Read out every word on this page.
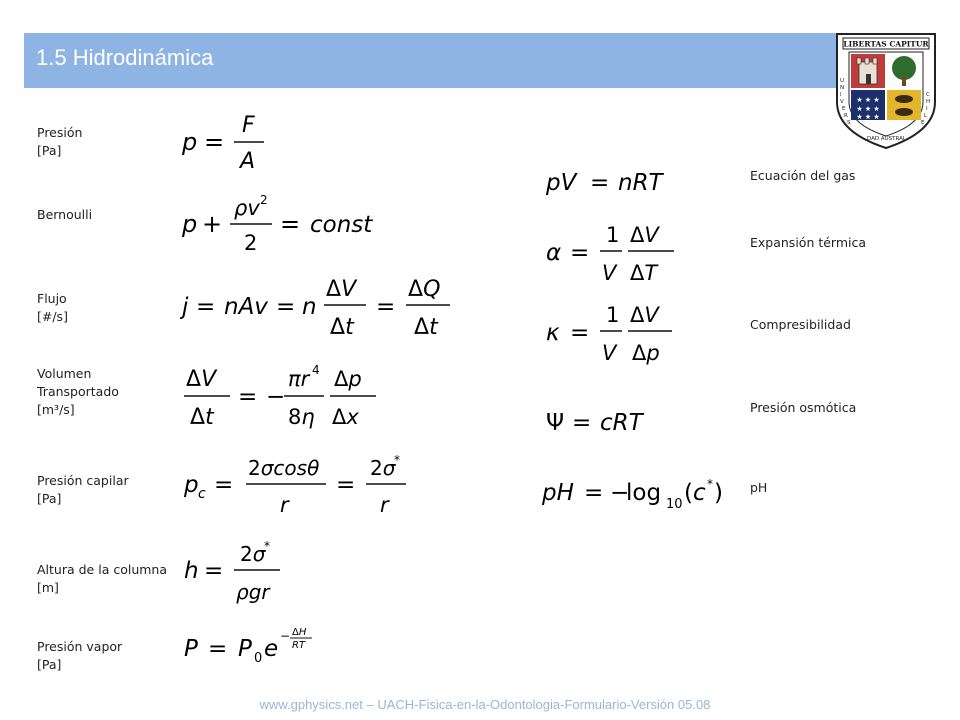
1.5 Hidrodinámica
LIBERTAS CAPITUR
★ ★ ★
★ ★ ★
★ ★ ★
U N I V E RS DAD AUSTRAL C H I L E
Presión
[Pa]
Bernoulli
Flujo
[#/s]
Volumen
Transportado
[m³/s]
Presión capilar
[Pa]
Altura de la columna
[m]
Presión vapor
[Pa]
Ecuación del gas
Expansión térmica
Compresibilidad
Presión osmótica
pH
p =
F
A
p +
ρv 2
2
= const
j = nAv = n
ΔV
Δt
=
ΔQ
Δt
ΔV
Δt
= −
πr 4
8η
Δp
Δx
p c =
2σcosθ
r
=
2σ
*
r
h =
2σ
*
ρgr
P = P 0 e − ΔH
RT
pV = nRT
α =
1
V
ΔV
ΔT
κ =
1
V
ΔV
Δp
Ψ = cRT
pH = −
log 10 (c * )
www.gphysics.net – UACH-Fisica-en-la-Odontologia-Formulario-Versión 05.08
